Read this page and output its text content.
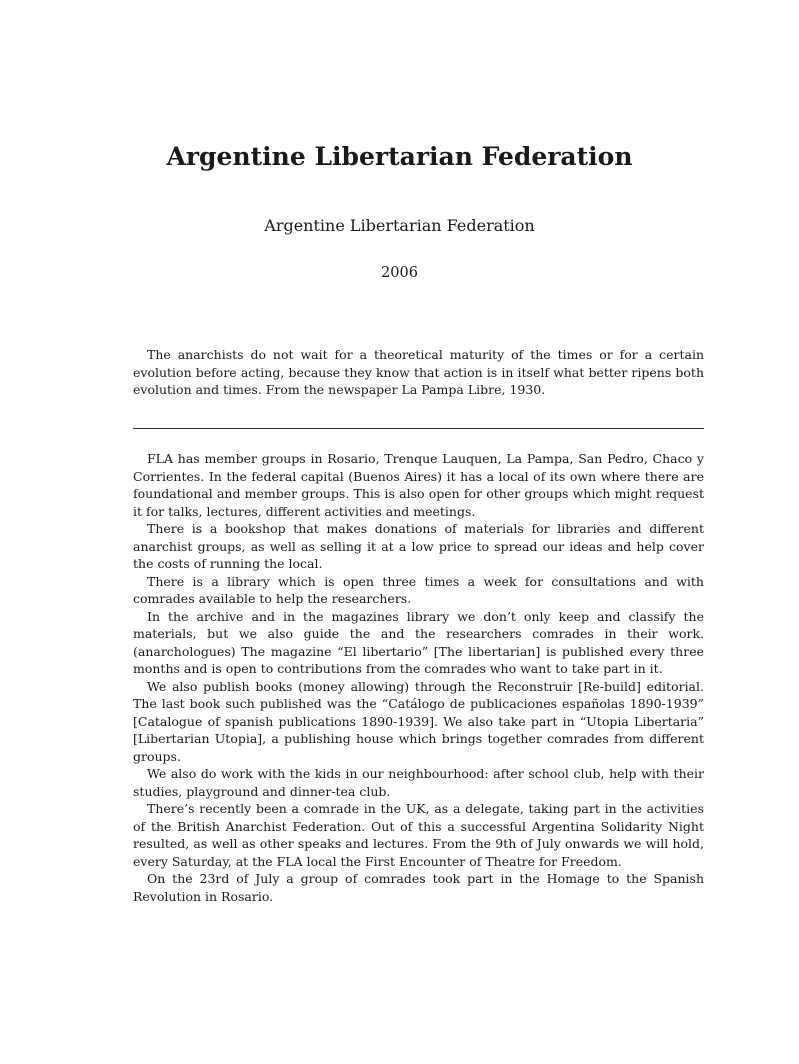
Argentine Libertarian Federation
Argentine Libertarian Federation
2006

The anarchists do not wait for a theoretical maturity of the times or for a certain evolution before acting, because they know that action is in itself what better ripens both evolution and times. From the newspaper La Pampa Libre, 1930.

FLA has member groups in Rosario, Trenque Lauquen, La Pampa, San Pedro, Chaco y Corrientes. In the federal capital (Buenos Aires) it has a local of its own where there are foundational and member groups. This is also open for other groups which might request it for talks, lectures, different activities and meetings.

There is a bookshop that makes donations of materials for libraries and different anarchist groups, as well as selling it at a low price to spread our ideas and help cover the costs of running the local.

There is a library which is open three times a week for consultations and with comrades available to help the researchers.

In the archive and in the magazines library we don’t only keep and classify the materials, but we also guide the and the researchers comrades in their work. (anarchologues) The magazine “El libertario” [The libertarian] is published every three months and is open to contributions from the comrades who want to take part in it.

We also publish books (money allowing) through the Reconstruir [Re-build] editorial. The last book such published was the “Catálogo de publicaciones españolas 1890-1939” [Catalogue of spanish publications 1890-1939]. We also take part in “Utopia Libertaria” [Libertarian Utopia], a publishing house which brings together comrades from different groups.

We also do work with the kids in our neighbourhood: after school club, help with their studies, playground and dinner-tea club.

There’s recently been a comrade in the UK, as a delegate, taking part in the activities of the British Anarchist Federation. Out of this a successful Argentina Solidarity Night resulted, as well as other speaks and lectures. From the 9th of July onwards we will hold, every Saturday, at the FLA local the First Encounter of Theatre for Freedom.

On the 23rd of July a group of comrades took part in the Homage to the Spanish Revolution in Rosario.
